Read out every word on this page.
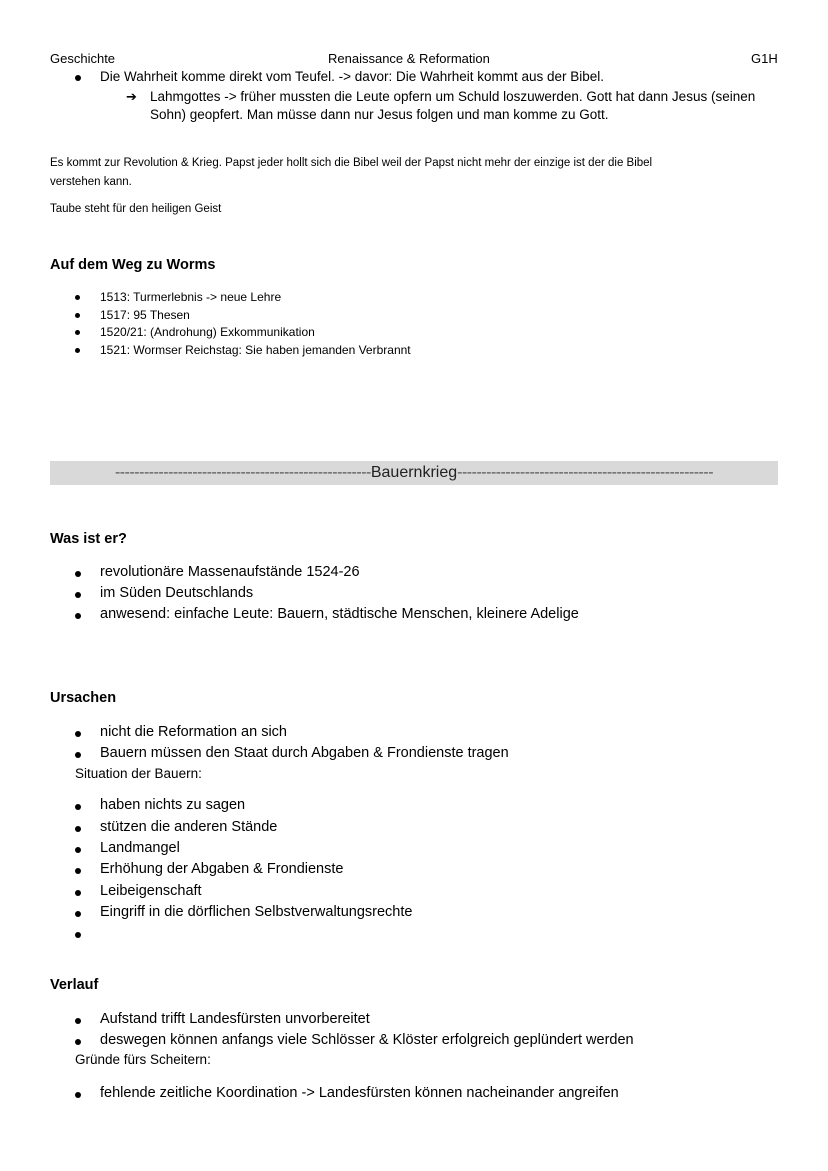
Geschichte	Renaissance & Reformation	G1H
Die Wahrheit komme direkt vom Teufel. -> davor: Die Wahrheit kommt aus der Bibel.
➔ Lahmgottes -> früher mussten die Leute opfern um Schuld loszuwerden. Gott hat dann Jesus (seinen
Sohn) geopfert. Man müsse dann nur Jesus folgen und man komme zu Gott.
Es kommt zur Revolution & Krieg. Papst jeder hollt sich die Bibel weil der Papst nicht mehr der einzige ist der die Bibel
verstehen kann.
Taube steht für den heiligen Geist
Auf dem Weg zu Worms
1513: Turmerlebnis -> neue Lehre
1517: 95 Thesen
1520/21: (Androhung) Exkommunikation
1521: Wormser Reichstag: Sie haben jemanden Verbrannt
-----------------------------------------------------Bauernkrieg-----------------------------------------------------
Was ist er?
revolutionäre Massenaufstände 1524-26
im Süden Deutschlands
anwesend: einfache Leute: Bauern, städtische Menschen, kleinere Adelige
Ursachen
nicht die Reformation an sich
Bauern müssen den Staat durch Abgaben & Frondienste tragen
Situation der Bauern:
haben nichts zu sagen
stützen die anderen Stände
Landmangel
Erhöhung der Abgaben & Frondienste
Leibeigenschaft
Eingriff in die dörflichen Selbstverwaltungsrechte
Verlauf
Aufstand trifft Landesfürsten unvorbereitet
deswegen können anfangs viele Schlösser & Klöster erfolgreich geplündert werden
Gründe fürs Scheitern:
fehlende zeitliche Koordination -> Landesfürsten können nacheinander angreifen
